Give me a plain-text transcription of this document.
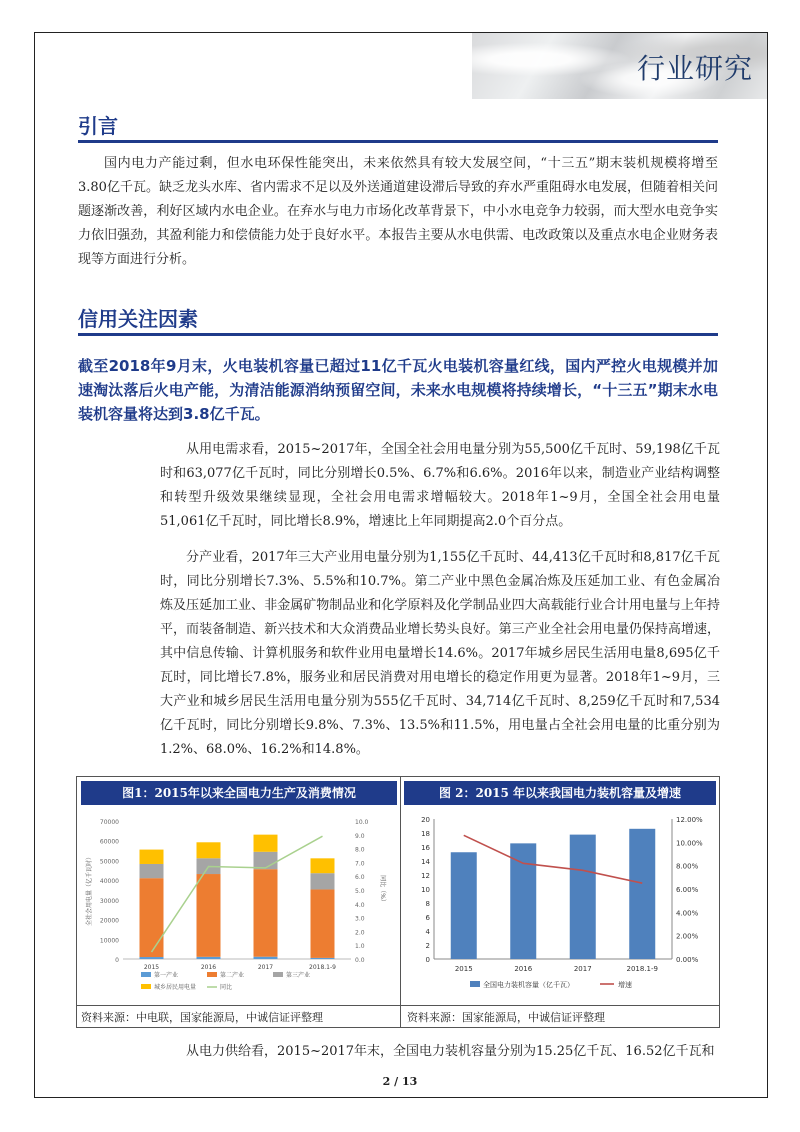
行业研究
引言
国内电力产能过剩，但水电环保性能突出，未来依然具有较大发展空间，“十三五”期末装机规模将增至3.80亿千瓦。缺乏龙头水库、省内需求不足以及外送通道建设滞后导致的弃水严重阻碍水电发展，但随着相关问题逐渐改善，利好区域内水电企业。在弃水与电力市场化改革背景下，中小水电竞争力较弱，而大型水电竞争实力依旧强劲，其盈利能力和偿债能力处于良好水平。本报告主要从水电供需、电改政策以及重点水电企业财务表现等方面进行分析。
信用关注因素
截至2018年9月末，火电装机容量已超过11亿千瓦火电装机容量红线，国内严控火电规模并加速淘汰落后火电产能，为清洁能源消纳预留空间，未来水电规模将持续增长，“十三五”期末水电装机容量将达到3.8亿千瓦。
从用电需求看，2015~2017年，全国全社会用电量分别为55,500亿千瓦时、59,198亿千瓦时和63,077亿千瓦时，同比分别增长0.5%、6.7%和6.6%。2016年以来，制造业产业结构调整和转型升级效果继续显现，全社会用电需求增幅较大。2018年1~9月，全国全社会用电量51,061亿千瓦时，同比增长8.9%，增速比上年同期提高2.0个百分点。
分产业看，2017年三大产业用电量分别为1,155亿千瓦时、44,413亿千瓦时和8,817亿千瓦时，同比分别增长7.3%、5.5%和10.7%。第二产业中黑色金属冶炼及压延加工业、有色金属冶炼及压延加工业、非金属矿物制品业和化学原料及化学制品业四大高载能行业合计用电量与上年持平，而装备制造、新兴技术和大众消费品业增长势头良好。第三产业全社会用电量仍保持高增速，其中信息传输、计算机服务和软件业用电量增长14.6%。2017年城乡居民生活用电量8,695亿千瓦时，同比增长7.8%，服务业和居民消费对用电增长的稳定作用更为显著。2018年1~9月，三大产业和城乡居民生活用电量分别为555亿千瓦时、34,714亿千瓦时、8,259亿千瓦时和7,534亿千瓦时，同比分别增长9.8%、7.3%、13.5%和11.5%，用电量占全社会用电量的比重分别为1.2%、68.0%、16.2%和14.8%。
图1：2015年以来全国电力生产及消费情况	图 2：2015 年以来我国电力装机容量及增速
资料来源：中电联，国家能源局，中诚信证评整理	资料来源：国家能源局，中诚信证评整理
0
10000
20000
30000
40000
50000
60000
70000
0.0
1.0
2.0
3.0
4.0
5.0
6.0
7.0
8.0
9.0
10.0
全社会用电量（亿千瓦时）	同比（%）
2015	2016	2017	2018.1-9
第一产业	第二产业	第三产业
城乡居民用电量	同比
0
2
4
6
8
10
12
14
16
18
20
0.00%
2.00%
4.00%
6.00%
8.00%
10.00%
12.00%
2015	2016	2017	2018.1-9
全国电力装机容量（亿千瓦）	增速
从电力供给看，2015~2017年末，全国电力装机容量分别为15.25亿千瓦、16.52亿千瓦和
2 / 13
